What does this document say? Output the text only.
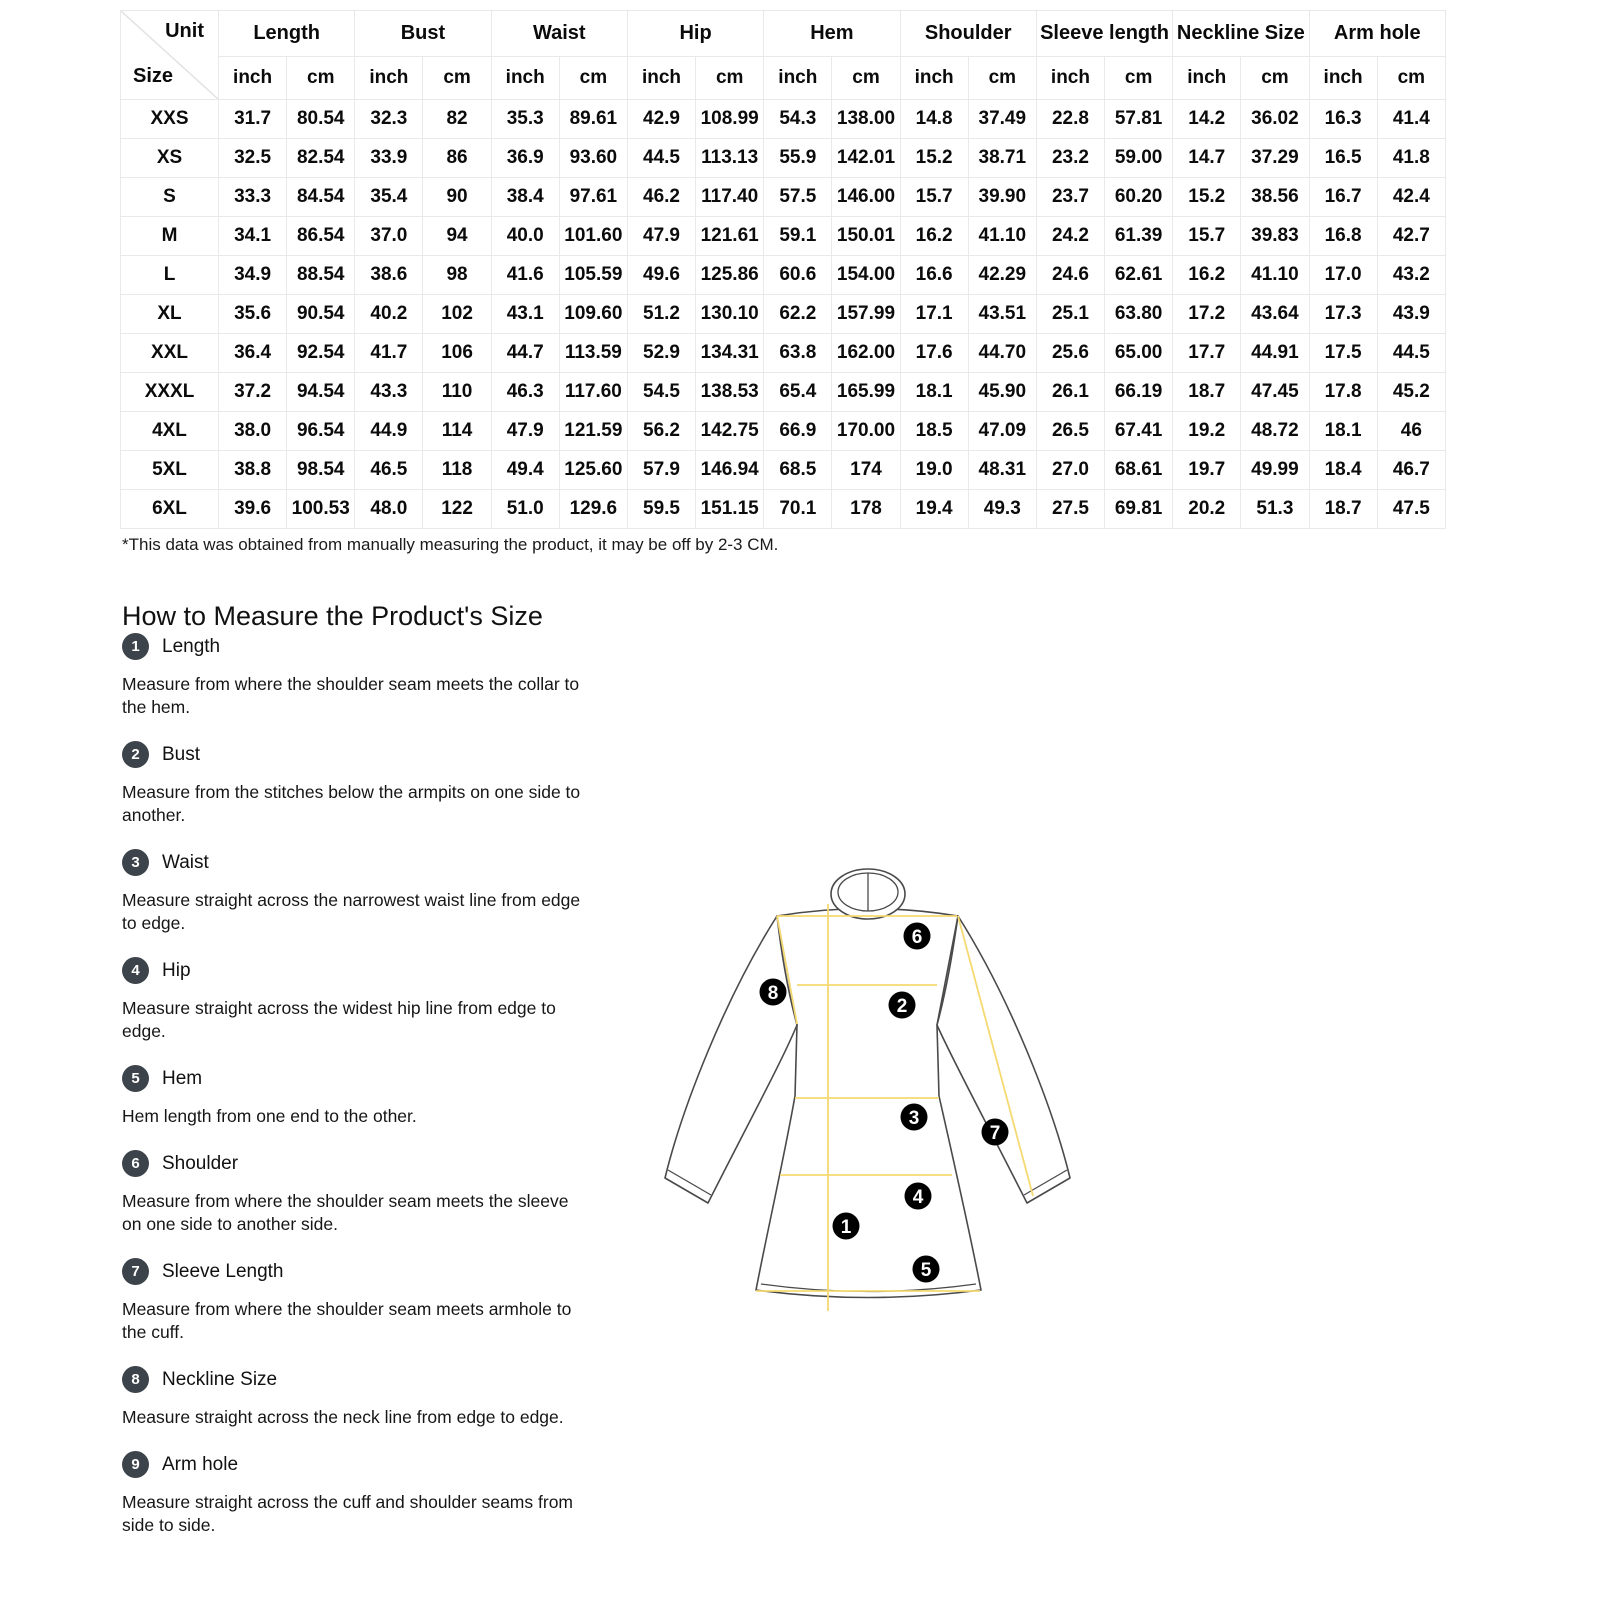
Unit
Size	Length		Bust		Waist		Hip		Hem		Shoulder		Sleeve length		Neckline Size		Arm hole	
	inch	cm	inch	cm	inch	cm	inch	cm	inch	cm	inch	cm	inch	cm	inch	cm	inch	cm
XXS	31.7	80.54	32.3	82	35.3	89.61	42.9	108.99	54.3	138.00	14.8	37.49	22.8	57.81	14.2	36.02	16.3	41.4
XS	32.5	82.54	33.9	86	36.9	93.60	44.5	113.13	55.9	142.01	15.2	38.71	23.2	59.00	14.7	37.29	16.5	41.8
S	33.3	84.54	35.4	90	38.4	97.61	46.2	117.40	57.5	146.00	15.7	39.90	23.7	60.20	15.2	38.56	16.7	42.4
M	34.1	86.54	37.0	94	40.0	101.60	47.9	121.61	59.1	150.01	16.2	41.10	24.2	61.39	15.7	39.83	16.8	42.7
L	34.9	88.54	38.6	98	41.6	105.59	49.6	125.86	60.6	154.00	16.6	42.29	24.6	62.61	16.2	41.10	17.0	43.2
XL	35.6	90.54	40.2	102	43.1	109.60	51.2	130.10	62.2	157.99	17.1	43.51	25.1	63.80	17.2	43.64	17.3	43.9
XXL	36.4	92.54	41.7	106	44.7	113.59	52.9	134.31	63.8	162.00	17.6	44.70	25.6	65.00	17.7	44.91	17.5	44.5
XXXL	37.2	94.54	43.3	110	46.3	117.60	54.5	138.53	65.4	165.99	18.1	45.90	26.1	66.19	18.7	47.45	17.8	45.2
4XL	38.0	96.54	44.9	114	47.9	121.59	56.2	142.75	66.9	170.00	18.5	47.09	26.5	67.41	19.2	48.72	18.1	46
5XL	38.8	98.54	46.5	118	49.4	125.60	57.9	146.94	68.5	174	19.0	48.31	27.0	68.61	19.7	49.99	18.4	46.7
6XL	39.6	100.53	48.0	122	51.0	129.6	59.5	151.15	70.1	178	19.4	49.3	27.5	69.81	20.2	51.3	18.7	47.5
*This data was obtained from manually measuring the product, it may be off by 2-3 CM.
How to Measure the Product's Size
1	Length

Measure from where the shoulder seam meets the collar to the hem.

2	Bust

Measure from the stitches below the armpits on one side to another.

3	Waist

Measure straight across the narrowest waist line from edge to edge.

4	Hip

Measure straight across the widest hip line from edge to edge.

5	Hem

Hem length from one end to the other.

6	Shoulder

Measure from where the shoulder seam meets the sleeve on one side to another side.

7	Sleeve Length

Measure from where the shoulder seam meets armhole to the cuff.

8	Neckline Size

Measure straight across the neck line from edge to edge.

9	Arm hole

Measure straight across the cuff and shoulder seams from side to side.

1
2
3
4
5
6
7
8
